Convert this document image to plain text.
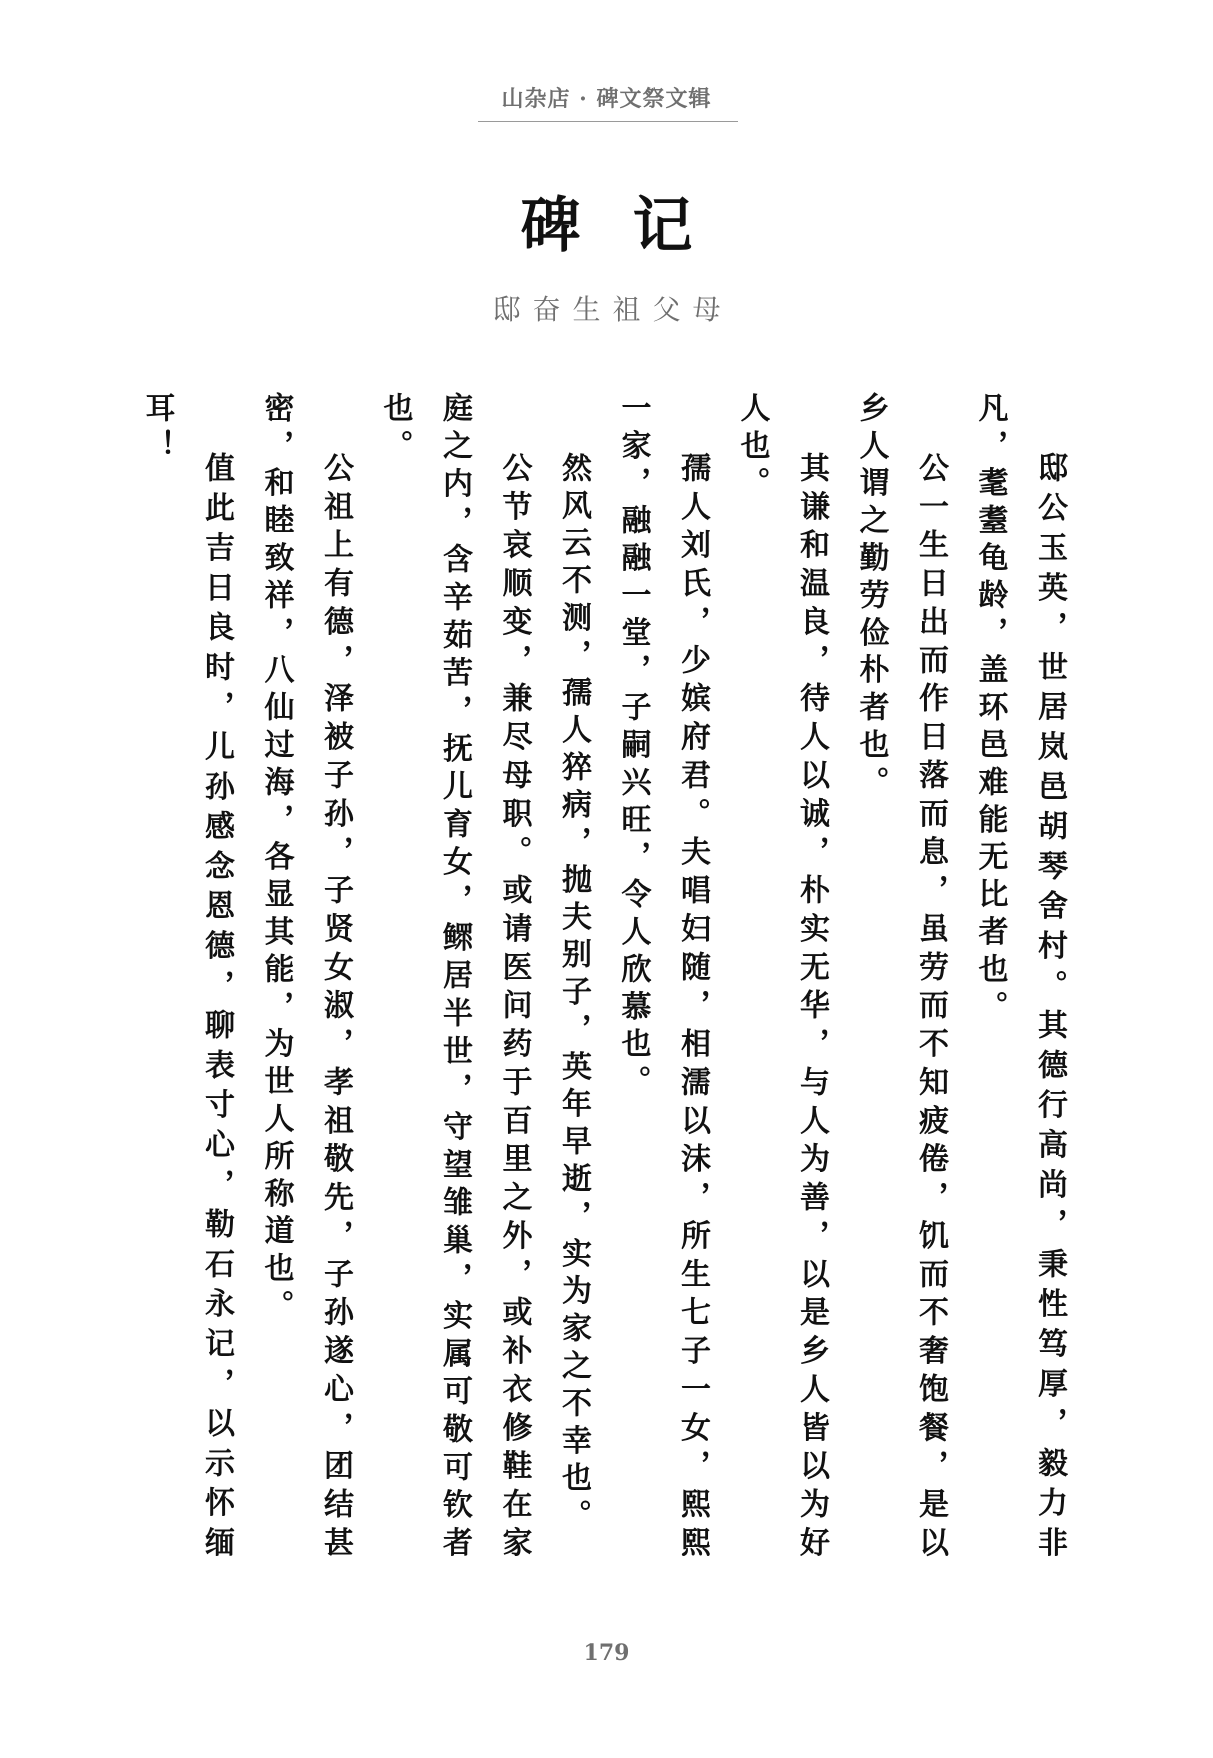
山杂店 · 碑文祭文辑
碑记
邸奋生祖父母

邸公玉英，世居岚邑胡琴舍村。其德行高尚，秉性笃厚，毅力非凡，耄耋龟龄，盖环邑难能无比者也。

公一生日出而作日落而息，虽劳而不知疲倦，饥而不奢饱餐，是以乡人谓之勤劳俭朴者也。

其谦和温良，待人以诚，朴实无华，与人为善，以是乡人皆以为好人也。

孺人刘氏，少嫔府君。夫唱妇随，相濡以沫，所生七子一女，熙熙一家，融融一堂，子嗣兴旺，令人欣慕也。

然风云不测，孺人猝病，抛夫别子，英年早逝，实为家之不幸也。

公节哀顺变，兼尽母职。或请医问药于百里之外，或补衣修鞋在家庭之内，含辛茹苦，抚儿育女，鳏居半世，守望雏巢，实属可敬可钦者也。

公祖上有德，泽被子孙，子贤女淑，孝祖敬先，子孙遂心，团结甚密，和睦致祥，八仙过海，各显其能，为世人所称道也。

值此吉日良时，儿孙感念恩德，聊表寸心，勒石永记，以示怀缅耳！

179
